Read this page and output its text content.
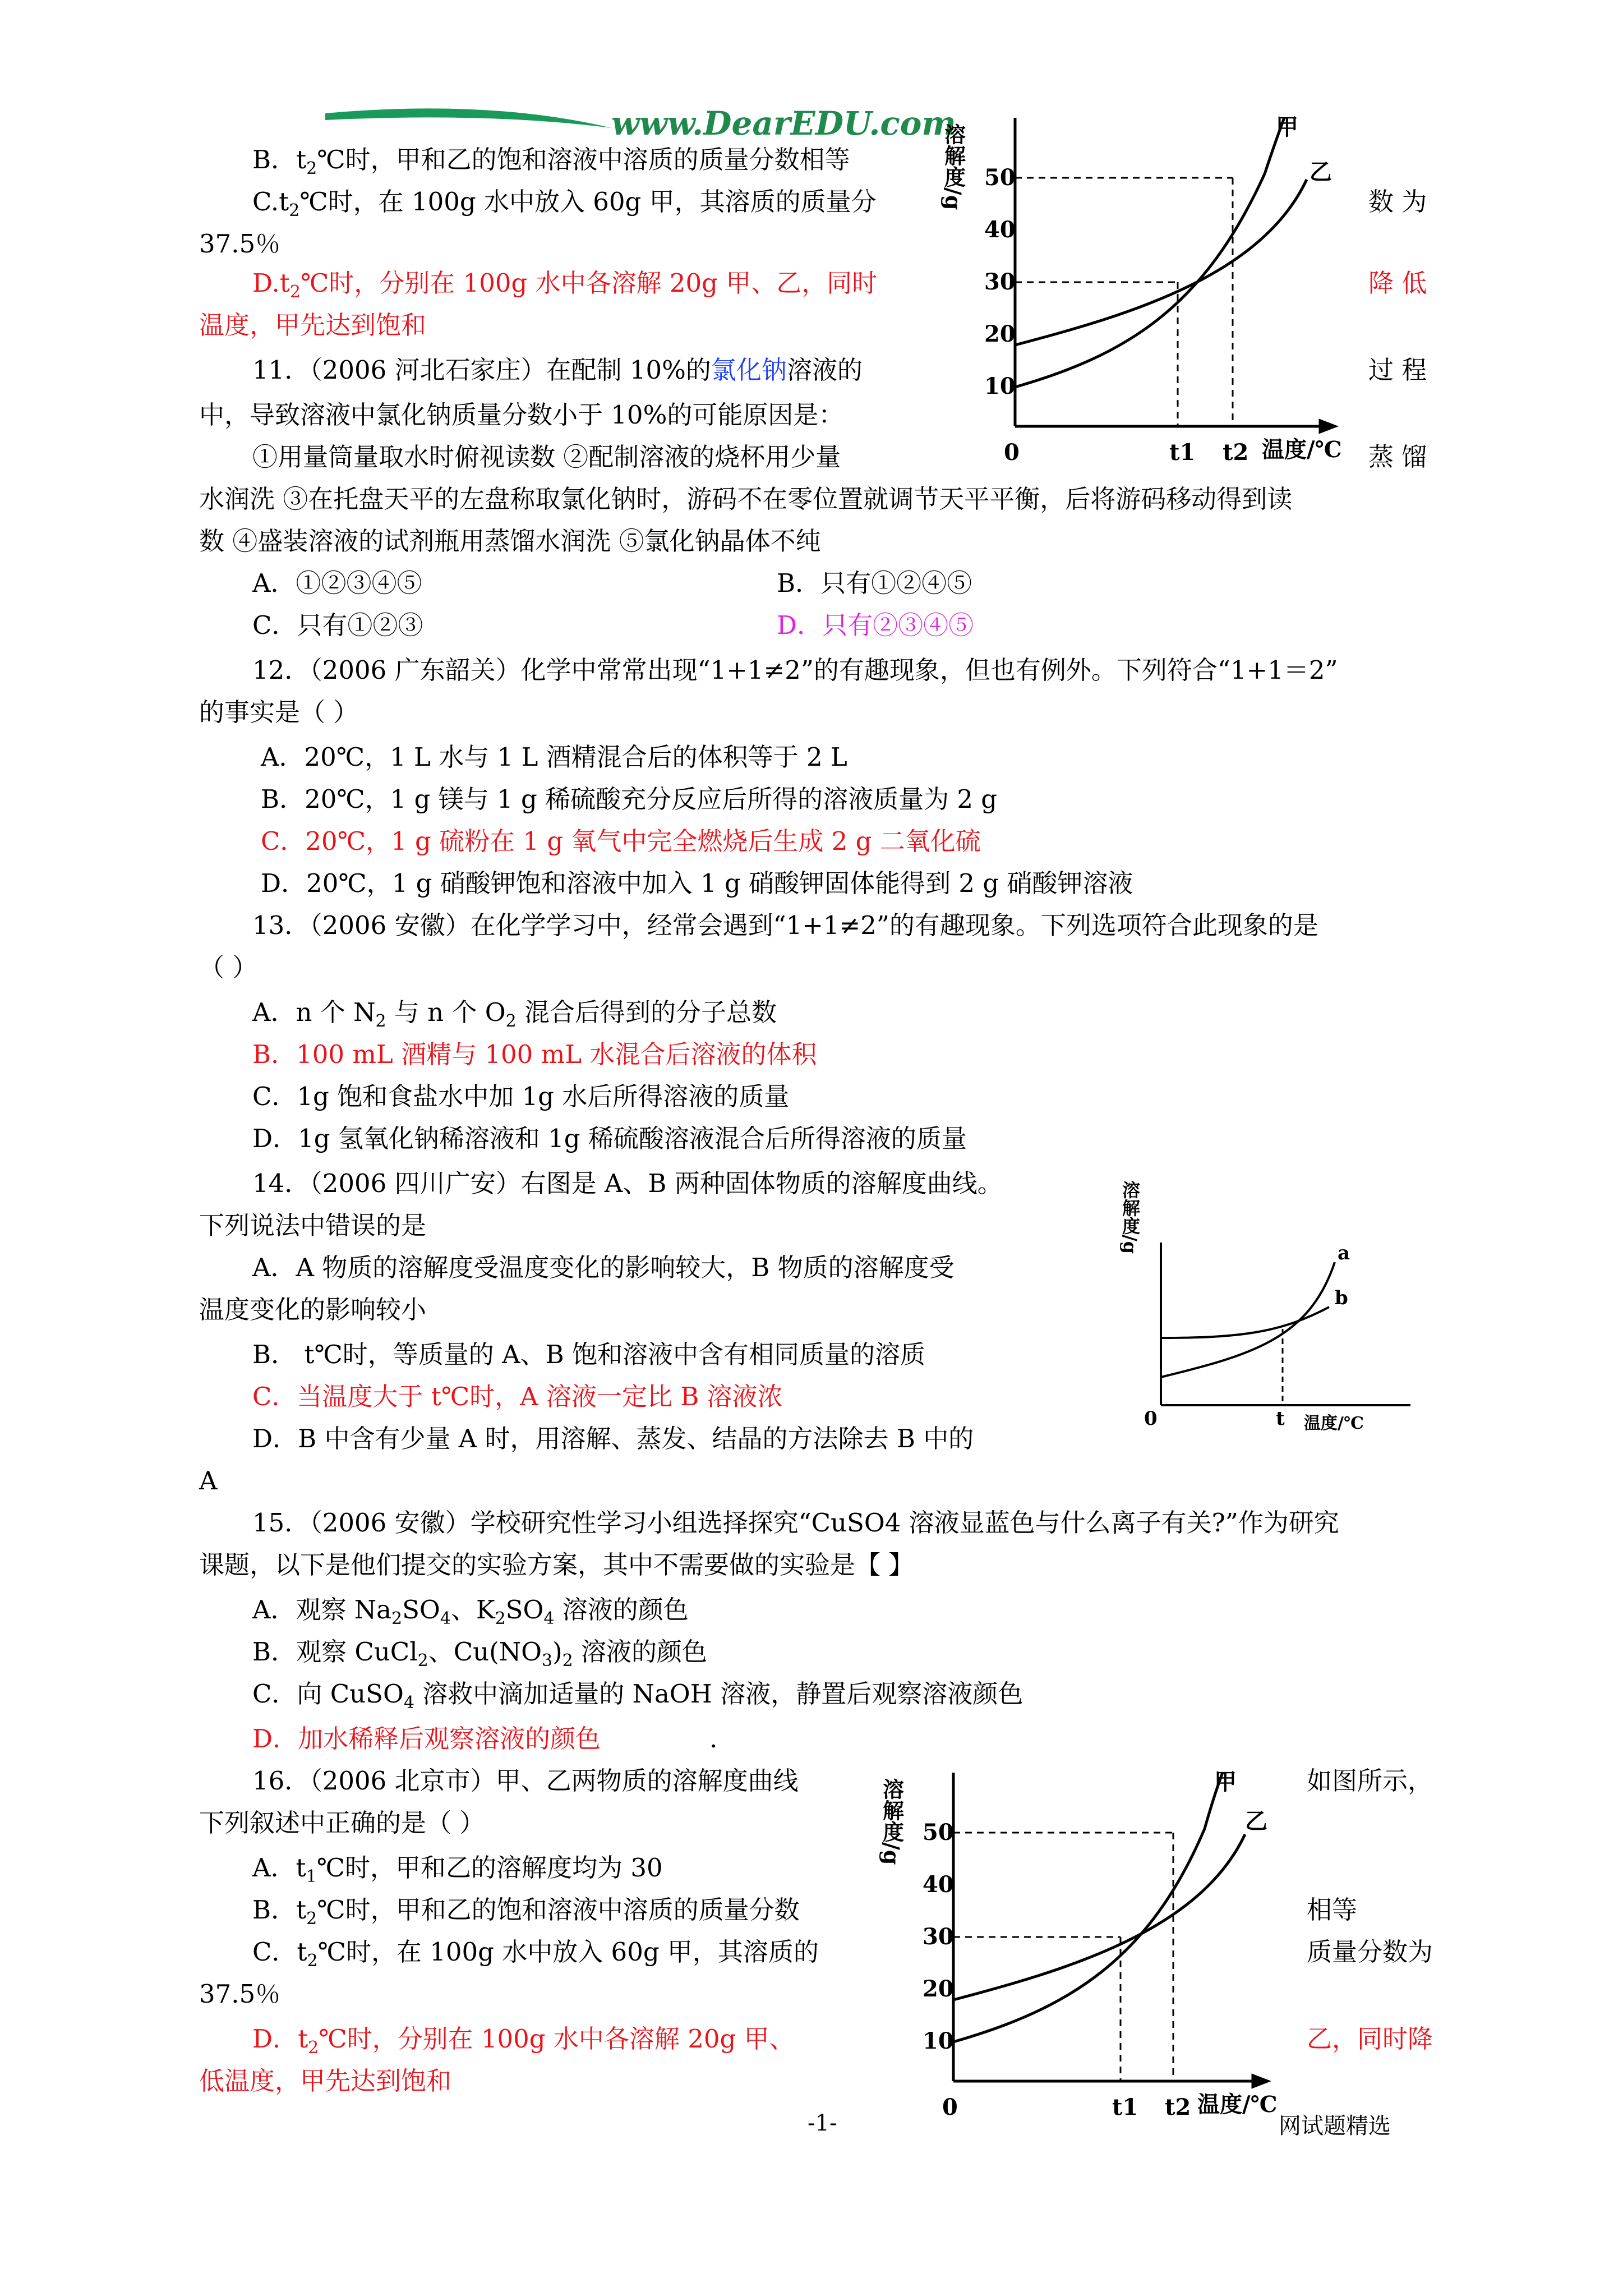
www.DearEDU.com
B．$t_2℃$时，甲和乙的饱和溶液中溶质的质量分数相等
$C.t_2℃$时，在 100g 水中放入 60g 甲，其溶质的质量分	数 为
37.5％
$D.t_2℃$时，分别在 100g 水中各溶解 20g 甲、乙，同时	降 低
温度，甲先达到饱和
11．（2006 河北石家庄）在配制 10%的氯化钠溶液的	过 程
中，导致溶液中氯化钠质量分数小于 10%的可能原因是：
①用量筒量取水时俯视读数 ②配制溶液的烧杯用少量	蒸 馏
水润洗 ③在托盘天平的左盘称取氯化钠时，游码不在零位置就调节天平平衡，后将游码移动得到读
数 ④盛装溶液的试剂瓶用蒸馏水润洗 ⑤氯化钠晶体不纯
A．①②③④⑤	B．只有①②④⑤
C．只有①②③	D．只有②③④⑤
12．（2006 广东韶关）化学中常常出现“1+1≠2”的有趣现象，但也有例外。下列符合“1+1＝2”
的事实是（ ）
A．20℃，1 L 水与 1 L 酒精混合后的体积等于 2 L
B．20℃，1 g 镁与 1 g 稀硫酸充分反应后所得的溶液质量为 2 g
C．20℃，1 g 硫粉在 1 g 氧气中完全燃烧后生成 2 g 二氧化硫
D．20℃，1 g 硝酸钾饱和溶液中加入 1 g 硝酸钾固体能得到 2 g 硝酸钾溶液
13．（2006 安徽）在化学学习中，经常会遇到“1+1≠2”的有趣现象。下列选项符合此现象的是
（ ）
A．n 个 $N_2$ 与 n 个 $O_2$ 混合后得到的分子总数
B．100 mL 酒精与 100 mL 水混合后溶液的体积
C．1g 饱和食盐水中加 1g 水后所得溶液的质量
D．1g 氢氧化钠稀溶液和 1g 稀硫酸溶液混合后所得溶液的质量
14．（2006 四川广安）右图是 A、B 两种固体物质的溶解度曲线。
下列说法中错误的是
A．A 物质的溶解度受温度变化的影响较大，B 物质的溶解度受
温度变化的影响较小
B． t℃时，等质量的 A、B 饱和溶液中含有相同质量的溶质
C．当温度大于 t℃时，A 溶液一定比 B 溶液浓
D．B 中含有少量 A 时，用溶解、蒸发、结晶的方法除去 B 中的
A
15．（2006 安徽）学校研究性学习小组选择探究“CuSO4 溶液显蓝色与什么离子有关?”作为研究
课题，以下是他们提交的实验方案，其中不需要做的实验是【 】
A．观察 $Na_2SO_4$、$K_2SO_4$ 溶液的颜色
B．观察 CuCl$_2$、$Cu(NO_3)_2$ 溶液的颜色
C．向 CuSO$_4$ 溶救中滴加适量的 NaOH 溶液，静置后观察溶液颜色
D．加水稀释后观察溶液的颜色	.
16．（2006 北京市）甲、乙两物质的溶解度曲线	如图所示，
下列叙述中正确的是（ ）
A．$t_1℃$时，甲和乙的溶解度均为 30
B．$t_2℃$时，甲和乙的饱和溶液中溶质的质量分数	相等
C．$t_2℃$时，在 100g 水中放入 60g 甲，其溶质的	质量分数为
37.5％
D．$t_2℃$时，分别在 100g 水中各溶解 20g 甲、	乙，同时降
低温度，甲先达到饱和
-1-	网试题精选
溶解度/g 50
40
30
20
10
0	t1 t2 温度/℃
甲
乙
溶解度/g
0	t 温度/℃
a
b
溶解度/g 50
40
30
20
10
0	t1 t2 温度/℃
甲
乙
